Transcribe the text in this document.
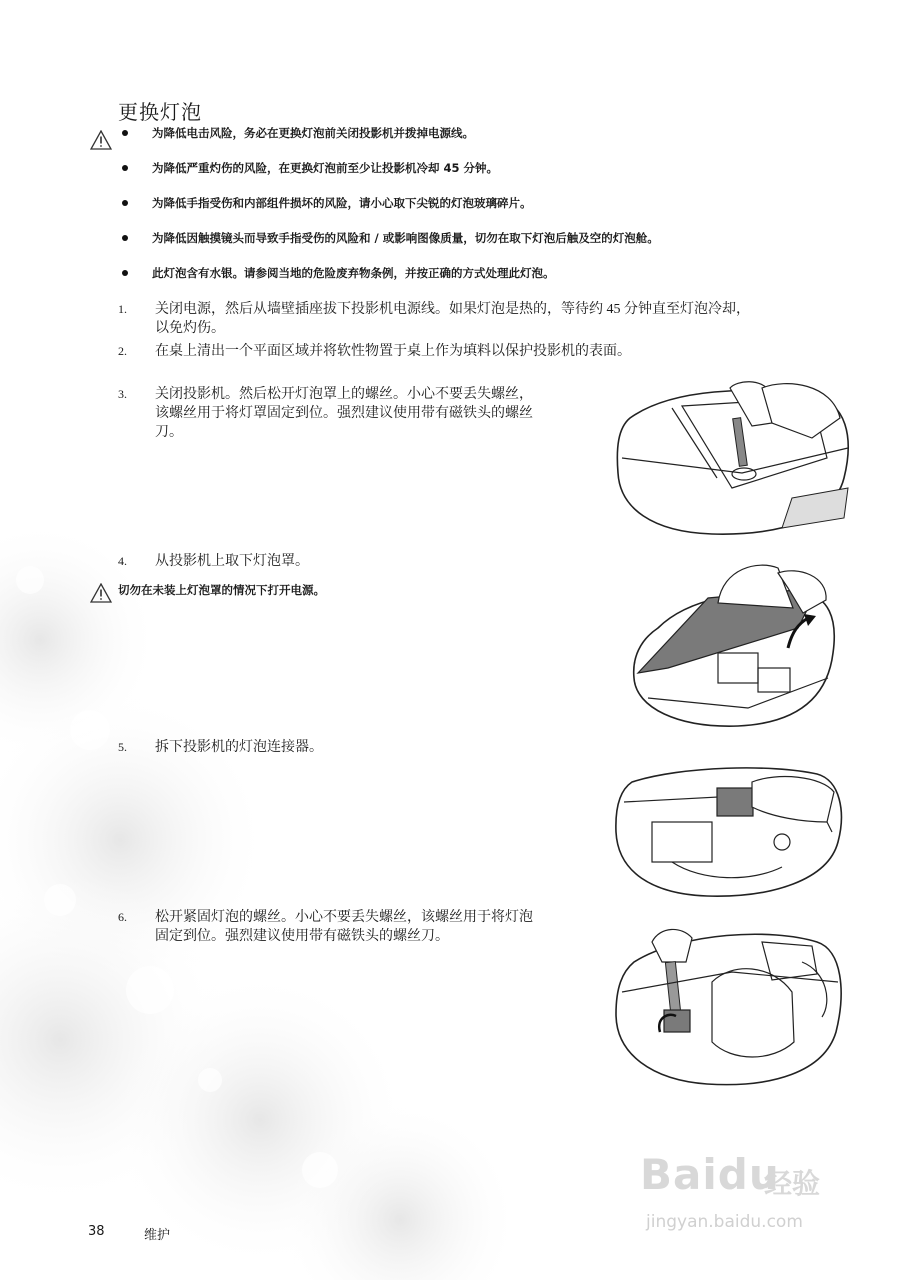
更换灯泡
为降低电击风险，务必在更换灯泡前关闭投影机并拨掉电源线。
为降低严重灼伤的风险，在更换灯泡前至少让投影机冷却 45 分钟。
为降低手指受伤和内部组件损坏的风险，请小心取下尖锐的灯泡玻璃碎片。
为降低因触摸镜头而导致手指受伤的风险和 / 或影响图像质量，切勿在取下灯泡后触及空的灯泡舱。
此灯泡含有水银。请参阅当地的危险废弃物条例，并按正确的方式处理此灯泡。
1. 关闭电源，然后从墙壁插座拔下投影机电源线。如果灯泡是热的，等待约 45 分钟直至灯泡冷却，
以免灼伤。
2. 在桌上清出一个平面区域并将软性物置于桌上作为填料以保护投影机的表面。
3. 关闭投影机。然后松开灯泡罩上的螺丝。小心不要丢失螺丝，
该螺丝用于将灯罩固定到位。强烈建议使用带有磁铁头的螺丝
刀。
4. 从投影机上取下灯泡罩。
切勿在未装上灯泡罩的情况下打开电源。
5. 拆下投影机的灯泡连接器。
6. 松开紧固灯泡的螺丝。小心不要丢失螺丝，该螺丝用于将灯泡
固定到位。强烈建议使用带有磁铁头的螺丝刀。
Baidu
经验
jingyan.baidu.com
38	维护
